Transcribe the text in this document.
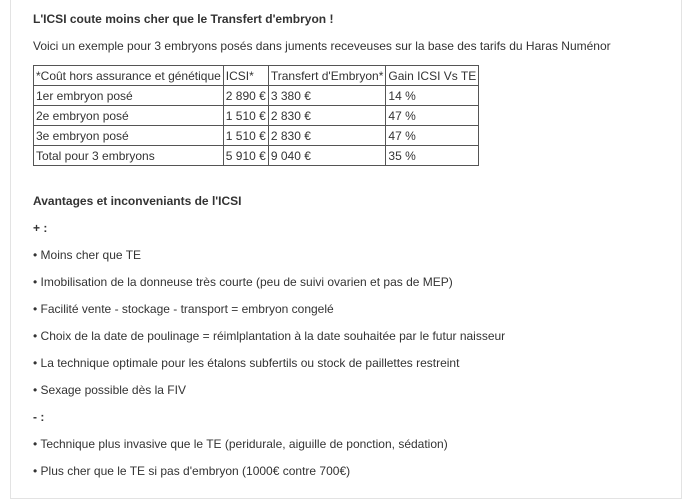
L'ICSI coute moins cher que le Transfert d'embryon !
Voici un exemple pour 3 embryons posés dans juments receveuses sur la base des tarifs du Haras Numénor
*Coût hors assurance et génétique	ICSI*	Transfert d'Embryon*	Gain ICSI Vs TE
1er embryon posé	2 890 €	3 380 €	14 %
2e embryon posé	1 510 €	2 830 €	47 %
3e embryon posé	1 510 €	2 830 €	47 %
Total pour 3 embryons	5 910 €	9 040 €	35 %
Avantages et inconveniants de l'ICSI
+ :
• Moins cher que TE
• Imobilisation de la donneuse très courte (peu de suivi ovarien et pas de MEP)
• Facilité vente - stockage - transport = embryon congelé
• Choix de la date de poulinage = réimlplantation à la date souhaitée par le futur naisseur
• La technique optimale pour les étalons subfertils ou stock de paillettes restreint
• Sexage possible dès la FIV
- :
• Technique plus invasive que le TE (peridurale, aiguille de ponction, sédation)
• Plus cher que le TE si pas d'embryon (1000€ contre 700€)
